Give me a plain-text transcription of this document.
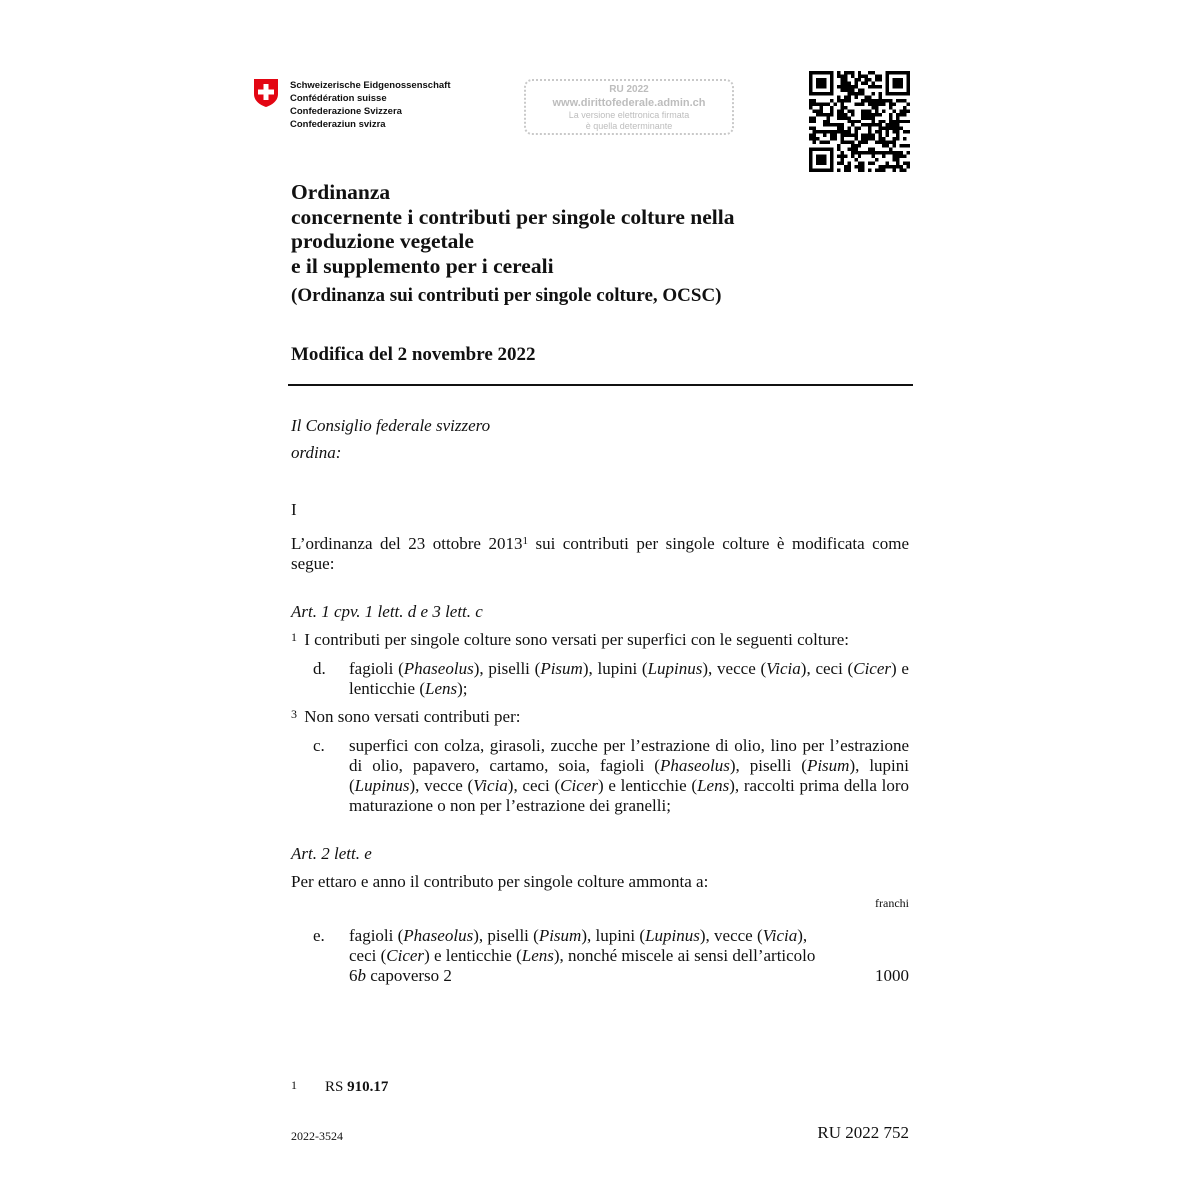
Schweizerische Eidgenossenschaft
Confédération suisse
Confederazione Svizzera
Confederaziun svizra
RU 2022
www.dirittofederale.admin.ch
La versione elettronica firmata
è quella determinante
Ordinanza
concernente i contributi per singole colture nella
produzione vegetale
e il supplemento per i cereali
(Ordinanza sui contributi per singole colture, OCSC)
Modifica del 2 novembre 2022
Il Consiglio federale svizzero
ordina:
I
L’ordinanza del 23 ottobre 2013$^1$ sui contributi per singole colture è modificata come segue:
Art. 1 cpv. 1 lett. d e 3 lett. c
$^1$ I contributi per singole colture sono versati per superfici con le seguenti colture:
d. fagioli (Phaseolus), piselli (Pisum), lupini (Lupinus), vecce (Vicia), ceci (Cicer) e lenticchie (Lens);
$^3$ Non sono versati contributi per:
c. superfici con colza, girasoli, zucche per l’estrazione di olio, lino per l’estrazione di olio, papavero, cartamo, soia, fagioli (Phaseolus), piselli (Pisum), lupini (Lupinus), vecce (Vicia), ceci (Cicer) e lenticchie (Lens), raccolti prima della loro maturazione o non per l’estrazione dei granelli;
Art. 2 lett. e
Per ettaro e anno il contributo per singole colture ammonta a:
franchi
e. fagioli (Phaseolus), piselli (Pisum), lupini (Lupinus), vecce (Vicia), ceci (Cicer) e lenticchie (Lens), nonché miscele ai sensi dell’articolo 6b capoverso 2	1000
1 RS 910.17
2022-3524	RU 2022 752
